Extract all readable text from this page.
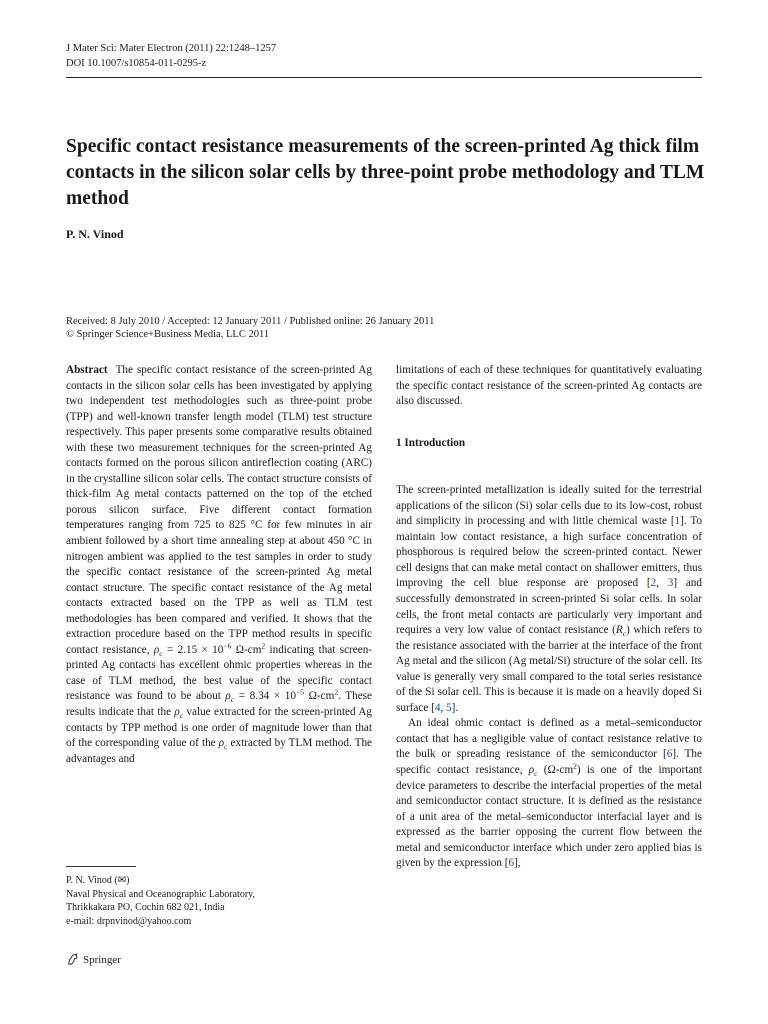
J Mater Sci: Mater Electron (2011) 22:1248–1257
DOI 10.1007/s10854-011-0295-z
Specific contact resistance measurements of the screen-printed Ag thick film contacts in the silicon solar cells by three-point probe methodology and TLM method
P. N. Vinod
Received: 8 July 2010 / Accepted: 12 January 2011 / Published online: 26 January 2011
© Springer Science+Business Media, LLC 2011

Abstract The specific contact resistance of the screen-printed Ag contacts in the silicon solar cells has been investigated by applying two independent test methodologies such as three-point probe (TPP) and well-known transfer length model (TLM) test structure respectively. This paper presents some comparative results obtained with these two measurement techniques for the screen-printed Ag contacts formed on the porous silicon antireflection coating (ARC) in the crystalline silicon solar cells. The contact structure consists of thick-film Ag metal contacts patterned on the top of the etched porous silicon surface. Five different contact formation temperatures ranging from 725 to 825 °C for few minutes in air ambient followed by a short time annealing step at about 450 °C in nitrogen ambient was applied to the test samples in order to study the specific contact resistance of the screen-printed Ag metal contact structure. The specific contact resistance of the Ag metal contacts extracted based on the TPP as well as TLM test methodologies has been compared and verified. It shows that the extraction procedure based on the TPP method results in specific contact resistance, $\rho_c = 2.15 \times 10^{-6}$ $\Omega-cm^2$ indicating that screen-printed Ag contacts has excellent ohmic properties whereas in the case of TLM method, the best value of the specific contact resistance was found to be about $\rho_c = 8.34 \times 10^{-5}$ $\Omega-cm^2$. These results indicate that the $\rho_c$ value extracted for the screen-printed Ag contacts by TPP method is one order of magnitude lower than that of the corresponding value of the $\rho_c$ extracted by TLM method. The advantages and

limitations of each of these techniques for quantitatively evaluating the specific contact resistance of the screen-printed Ag contacts are also discussed.

1 Introduction

The screen-printed metallization is ideally suited for the terrestrial applications of the silicon (Si) solar cells due to its low-cost, robust and simplicity in processing and with little chemical waste [1]. To maintain low contact resistance, a high surface concentration of phosphorous is required below the screen-printed contact. Newer cell designs that can make metal contact on shallower emitters, thus improving the cell blue response are proposed [2, 3] and successfully demonstrated in screen-printed Si solar cells. In solar cells, the front metal contacts are particularly very important and requires a very low value of contact resistance $(R_c)$ which refers to the resistance associated with the barrier at the interface of the front Ag metal and the silicon (Ag metal/Si) structure of the solar cell. Its value is generally very small compared to the total series resistance of the Si solar cell. This is because it is made on a heavily doped Si surface [4, 5].

An ideal ohmic contact is defined as a metal–semiconductor contact that has a negligible value of contact resistance relative to the bulk or spreading resistance of the semiconductor [6]. The specific contact resistance, $\rho_c$ $(\Omega-cm^2)$ is one of the important device parameters to describe the interfacial properties of the metal and semiconductor contact structure. It is defined as the resistance of a unit area of the metal–semiconductor interfacial layer and is expressed as the barrier opposing the current flow between the metal and semiconductor interface which under zero applied bias is given by the expression [6],

P. N. Vinod (✉)
Naval Physical and Oceanographic Laboratory,
Thrikkakara PO, Cochin 682 021, India
e-mail: drpnvinod@yahoo.com
Springer
